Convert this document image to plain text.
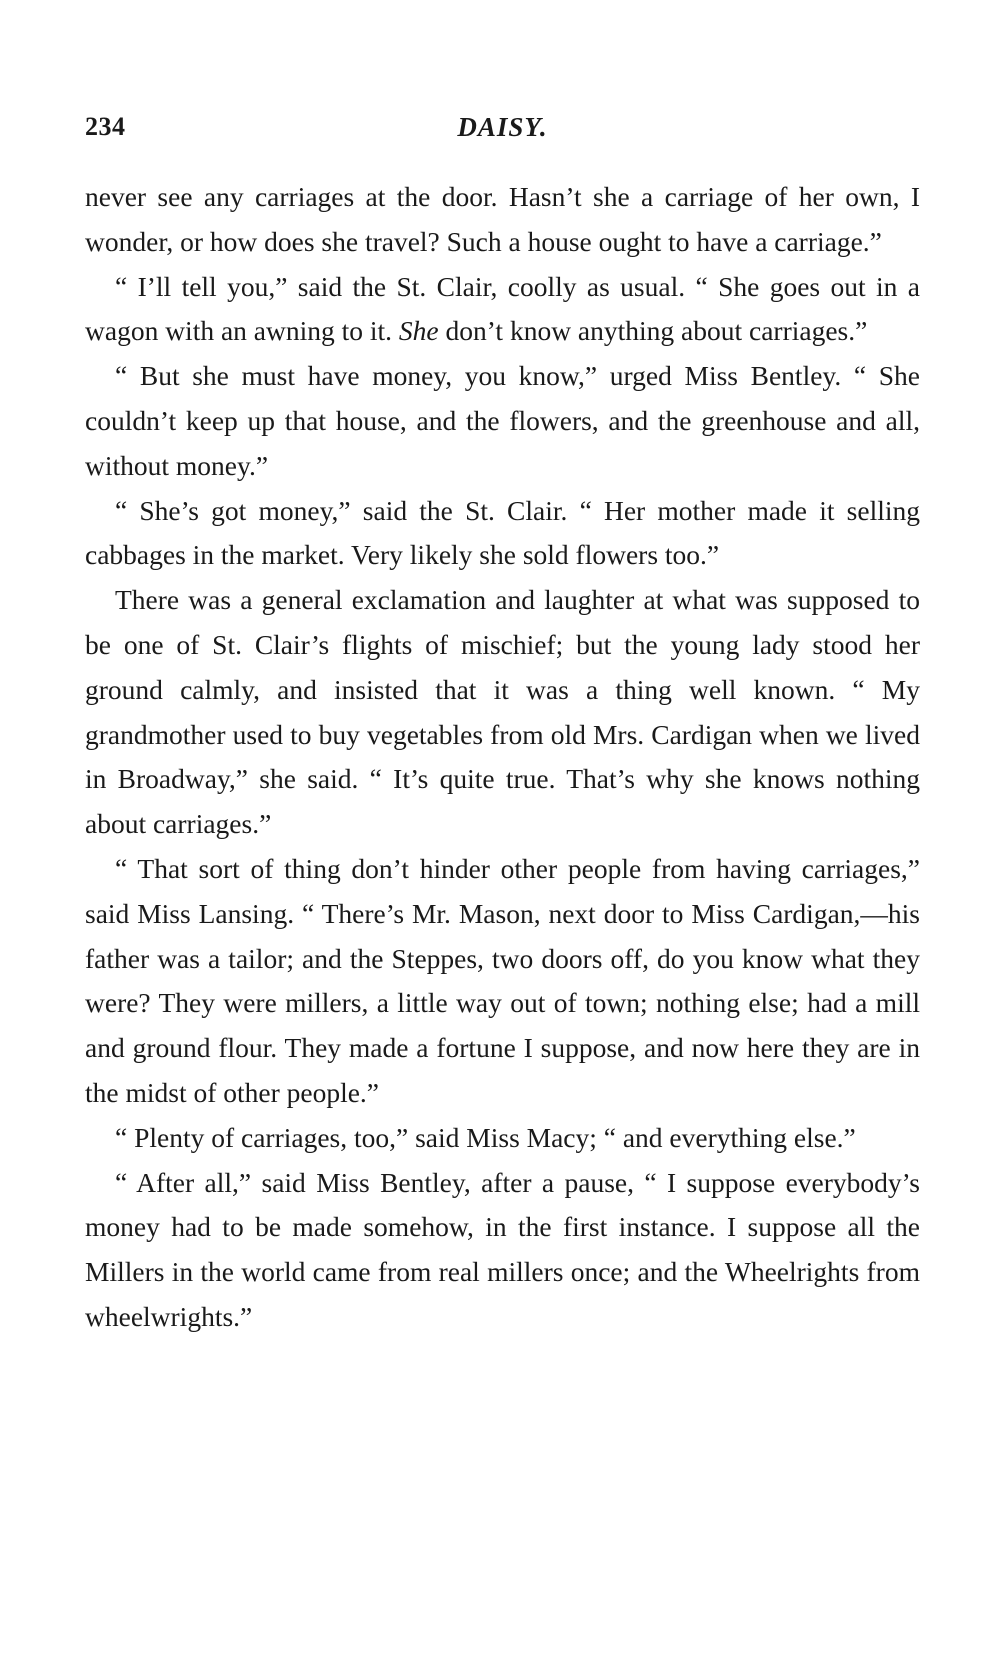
234	DAISY.

never see any carriages at the door. Hasn’t she a carriage of her own, I wonder, or how does she travel? Such a house ought to have a carriage.”

“ I’ll tell you,” said the St. Clair, coolly as usual. “ She goes out in a wagon with an awning to it. She don’t know anything about carriages.”

“ But she must have money, you know,” urged Miss Bentley. “ She couldn’t keep up that house, and the flowers, and the greenhouse and all, without money.”

“ She’s got money,” said the St. Clair. “ Her mother made it selling cabbages in the market. Very likely she sold flowers too.”

There was a general exclamation and laughter at what was supposed to be one of St. Clair’s flights of mischief; but the young lady stood her ground calmly, and insisted that it was a thing well known. “ My grandmother used to buy vegetables from old Mrs. Cardigan when we lived in Broadway,” she said. “ It’s quite true. That’s why she knows nothing about carriages.”

“ That sort of thing don’t hinder other people from having carriages,” said Miss Lansing. “ There’s Mr. Mason, next door to Miss Cardigan,—his father was a tailor; and the Steppes, two doors off, do you know what they were? They were millers, a little way out of town; nothing else; had a mill and ground flour. They made a fortune I suppose, and now here they are in the midst of other people.”

“ Plenty of carriages, too,” said Miss Macy; “ and everything else.”

“ After all,” said Miss Bentley, after a pause, “ I suppose everybody’s money had to be made somehow, in the first instance. I suppose all the Millers in the world came from real millers once; and the Wheelrights from wheelwrights.”
